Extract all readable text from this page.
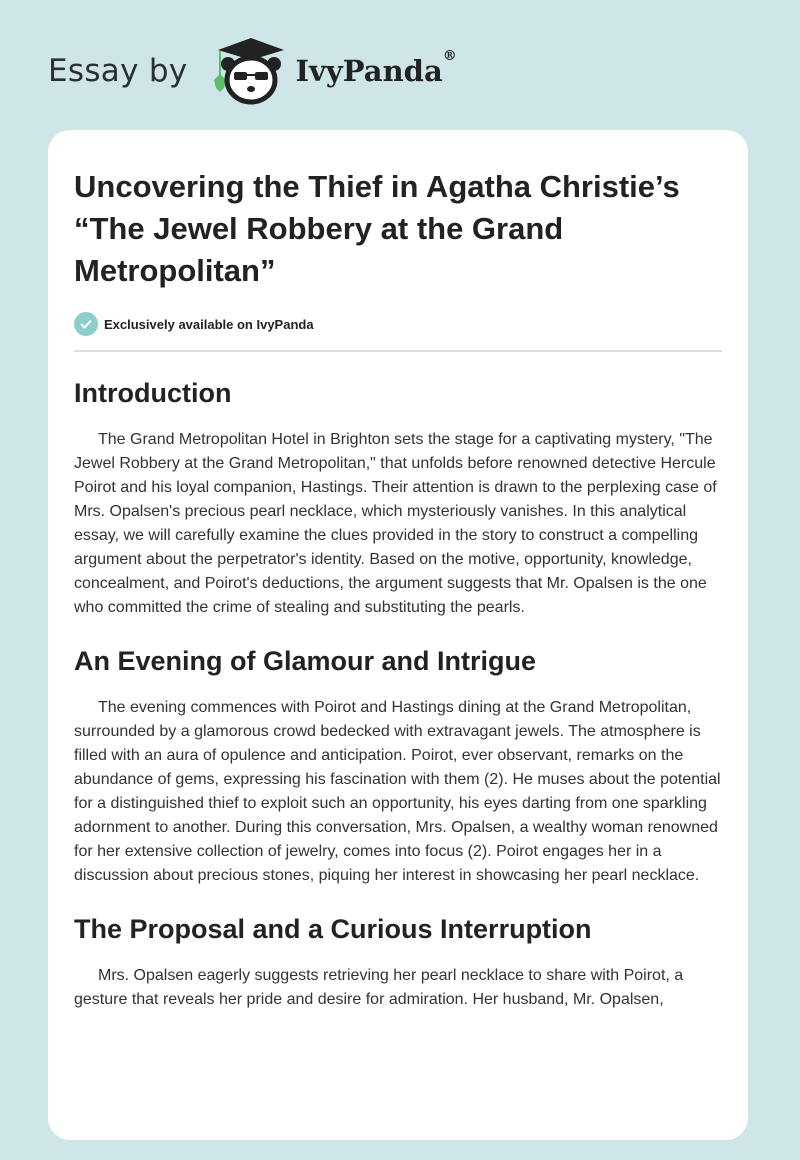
Essay by	IvyPanda®
Uncovering the Thief in Agatha Christie’s “The Jewel Robbery at the Grand Metropolitan”
Exclusively available on IvyPanda
Introduction

The Grand Metropolitan Hotel in Brighton sets the stage for a captivating mystery, "The Jewel Robbery at the Grand Metropolitan," that unfolds before renowned detective Hercule Poirot and his loyal companion, Hastings. Their attention is drawn to the perplexing case of Mrs. Opalsen's precious pearl necklace, which mysteriously vanishes. In this analytical essay, we will carefully examine the clues provided in the story to construct a compelling argument about the perpetrator's identity. Based on the motive, opportunity, knowledge, concealment, and Poirot's deductions, the argument suggests that Mr. Opalsen is the one who committed the crime of stealing and substituting the pearls.

An Evening of Glamour and Intrigue

The evening commences with Poirot and Hastings dining at the Grand Metropolitan, surrounded by a glamorous crowd bedecked with extravagant jewels. The atmosphere is filled with an aura of opulence and anticipation. Poirot, ever observant, remarks on the abundance of gems, expressing his fascination with them (2). He muses about the potential for a distinguished thief to exploit such an opportunity, his eyes darting from one sparkling adornment to another. During this conversation, Mrs. Opalsen, a wealthy woman renowned for her extensive collection of jewelry, comes into focus (2). Poirot engages her in a discussion about precious stones, piquing her interest in showcasing her pearl necklace.

The Proposal and a Curious Interruption

Mrs. Opalsen eagerly suggests retrieving her pearl necklace to share with Poirot, a gesture that reveals her pride and desire for admiration. Her husband, Mr. Opalsen,
